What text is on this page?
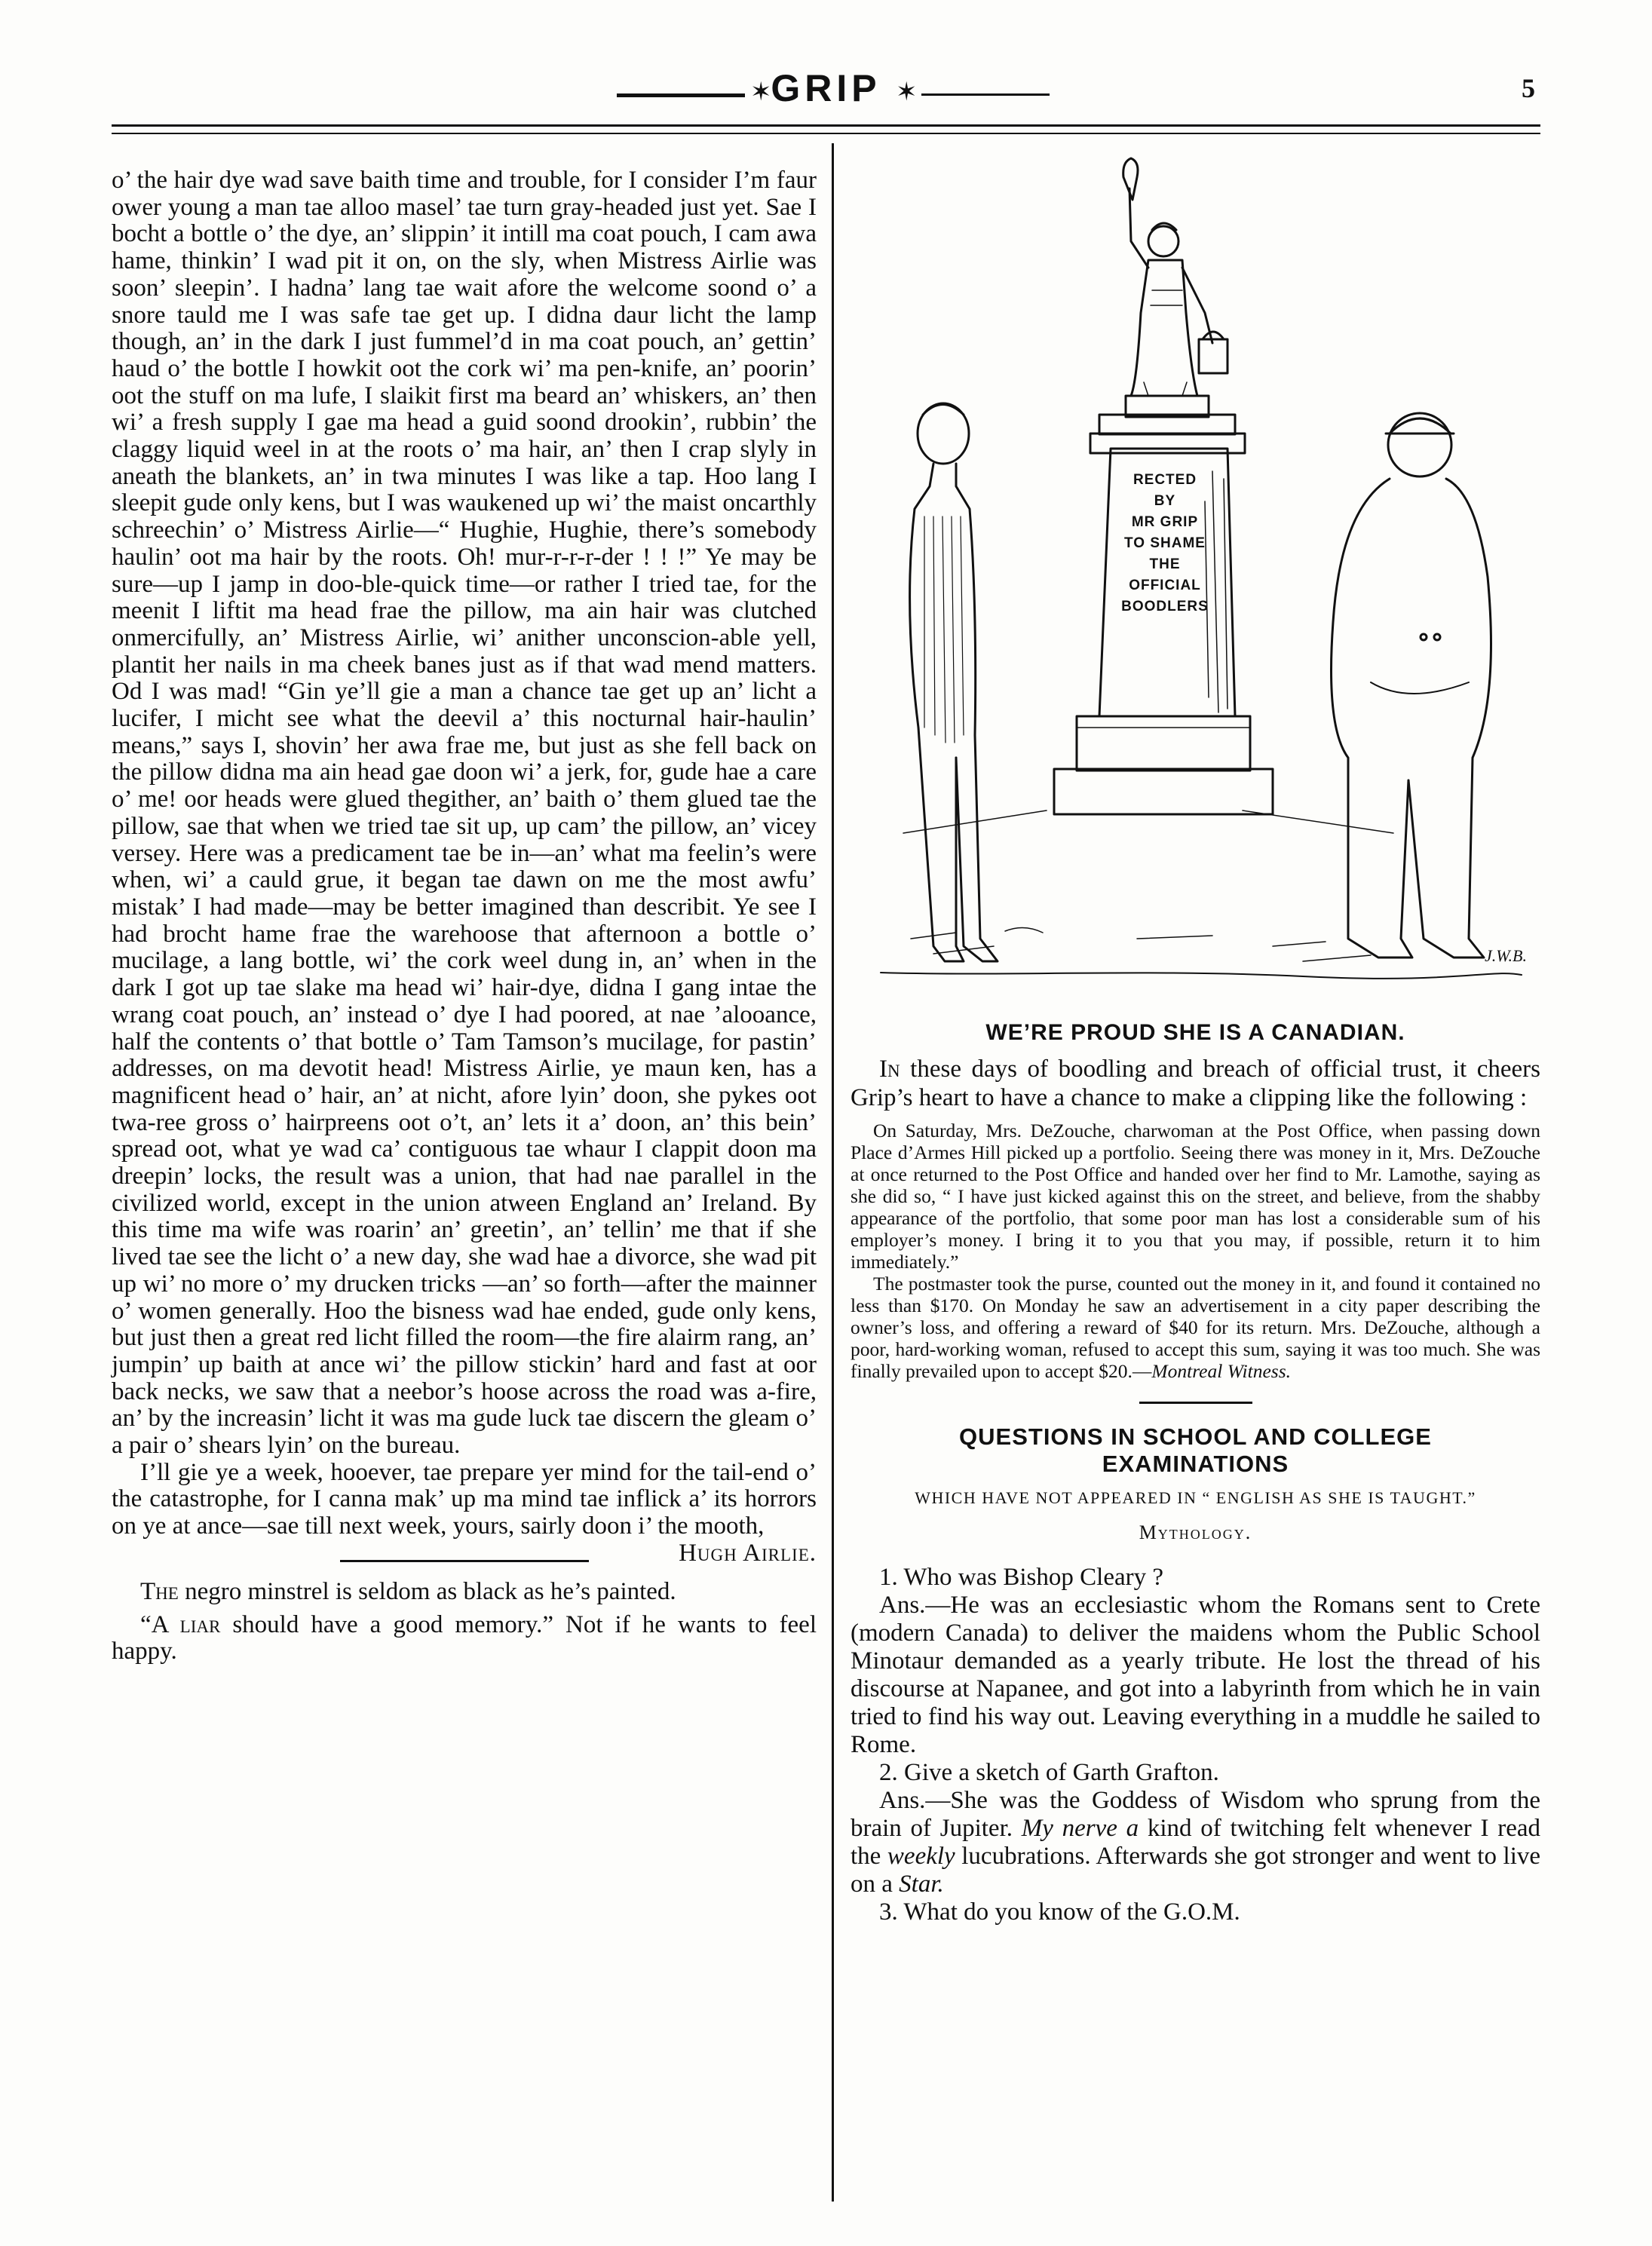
✶
GRIP ✶	5

o’ the hair dye wad save baith time and trouble, for I consider I’m faur ower young a man tae alloo masel’ tae turn gray-headed just yet. Sae I bocht a bottle o’ the dye, an’ slippin’ it intill ma coat pouch, I cam awa hame, thinkin’ I wad pit it on, on the sly, when Mistress Airlie was soon’ sleepin’. I hadna’ lang tae wait afore the welcome soond o’ a snore tauld me I was safe tae get up. I didna daur licht the lamp though, an’ in the dark I just fummel’d in ma coat pouch, an’ gettin’ haud o’ the bottle I howkit oot the cork wi’ ma pen-knife, an’ poorin’ oot the stuff on ma lufe, I slaikit first ma beard an’ whiskers, an’ then wi’ a fresh supply I gae ma head a guid soond drookin’, rubbin’ the claggy liquid weel in at the roots o’ ma hair, an’ then I crap slyly in aneath the blankets, an’ in twa minutes I was like a tap. Hoo lang I sleepit gude only kens, but I was waukened up wi’ the maist oncarthly schreechin’ o’ Mistress Airlie—“ Hughie, Hughie, there’s somebody haulin’ oot ma hair by the roots. Oh! mur-r-r-r-der ! ! !” Ye may be sure—up I jamp in doo-ble-quick time—or rather I tried tae, for the meenit I liftit ma head frae the pillow, ma ain hair was clutched onmercifully, an’ Mistress Airlie, wi’ anither unconscion-able yell, plantit her nails in ma cheek banes just as if that wad mend matters. Od I was mad! “Gin ye’ll gie a man a chance tae get up an’ licht a lucifer, I micht see what the deevil a’ this nocturnal hair-haulin’ means,” says I, shovin’ her awa frae me, but just as she fell back on the pillow didna ma ain head gae doon wi’ a jerk, for, gude hae a care o’ me! oor heads were glued thegither, an’ baith o’ them glued tae the pillow, sae that when we tried tae sit up, up cam’ the pillow, an’ vicey versey. Here was a predicament tae be in—an’ what ma feelin’s were when, wi’ a cauld grue, it began tae dawn on me the most awfu’ mistak’ I had made—may be better imagined than describit. Ye see I had brocht hame frae the warehoose that afternoon a bottle o’ mucilage, a lang bottle, wi’ the cork weel dung in, an’ when in the dark I got up tae slake ma head wi’ hair-dye, didna I gang intae the wrang coat pouch, an’ instead o’ dye I had poored, at nae ’alooance, half the contents o’ that bottle o’ Tam Tamson’s mucilage, for pastin’ addresses, on ma devotit head! Mistress Airlie, ye maun ken, has a magnificent head o’ hair, an’ at nicht, afore lyin’ doon, she pykes oot twa-ree gross o’ hairpreens oot o’t, an’ lets it a’ doon, an’ this bein’ spread oot, what ye wad ca’ contiguous tae whaur I clappit doon ma dreepin’ locks, the result was a union, that had nae parallel in the civilized world, except in the union atween England an’ Ireland. By this time ma wife was roarin’ an’ greetin’, an’ tellin’ me that if she lived tae see the licht o’ a new day, she wad hae a divorce, she wad pit up wi’ no more o’ my drucken tricks —an’ so forth—after the mainner o’ women generally. Hoo the bisness wad hae ended, gude only kens, but just then a great red licht filled the room—the fire alairm rang, an’ jumpin’ up baith at ance wi’ the pillow stickin’ hard and fast at oor back necks, we saw that a neebor’s hoose across the road was a-fire, an’ by the increasin’ licht it was ma gude luck tae discern the gleam o’ a pair o’ shears lyin’ on the bureau.

I’ll gie ye a week, hooever, tae prepare yer mind for the tail-end o’ the catastrophe, for I canna mak’ up ma mind tae inflick a’ its horrors on ye at ance—sae till next week, yours, sairly doon i’ the mooth,
Hugh Airlie.

The negro minstrel is seldom as black as he’s painted.

“A liar should have a good memory.” Not if he wants to feel happy.

RECTED
BY
MR GRIP
TO SHAME
THE
OFFICIAL
BOODLERS
J.W.B.

WE’RE PROUD SHE IS A CANADIAN.

In these days of boodling and breach of official trust, it cheers Grip’s heart to have a chance to make a clipping like the following :

On Saturday, Mrs. DeZouche, charwoman at the Post Office, when passing down Place d’Armes Hill picked up a portfolio. Seeing there was money in it, Mrs. DeZouche at once returned to the Post Office and handed over her find to Mr. Lamothe, saying as she did so, “ I have just kicked against this on the street, and believe, from the shabby appearance of the portfolio, that some poor man has lost a considerable sum of his employer’s money. I bring it to you that you may, if possible, return it to him immediately.”

The postmaster took the purse, counted out the money in it, and found it contained no less than $170. On Monday he saw an advertisement in a city paper describing the owner’s loss, and offering a reward of $40 for its return. Mrs. DeZouche, although a poor, hard-working woman, refused to accept this sum, saying it was too much. She was finally prevailed upon to accept $20.—Montreal Witness.

QUESTIONS IN SCHOOL AND COLLEGE

EXAMINATIONS

WHICH HAVE NOT APPEARED IN “ ENGLISH AS SHE IS TAUGHT.”

Mythology.

1. Who was Bishop Cleary ?

Ans.—He was an ecclesiastic whom the Romans sent to Crete (modern Canada) to deliver the maidens whom the Public School Minotaur demanded as a yearly tribute. He lost the thread of his discourse at Napanee, and got into a labyrinth from which he in vain tried to find his way out. Leaving everything in a muddle he sailed to Rome.

2. Give a sketch of Garth Grafton.

Ans.—She was the Goddess of Wisdom who sprung from the brain of Jupiter. My nerve a kind of twitching felt whenever I read the weekly lucubrations. Afterwards she got stronger and went to live on a Star.

3. What do you know of the G.O.M.
